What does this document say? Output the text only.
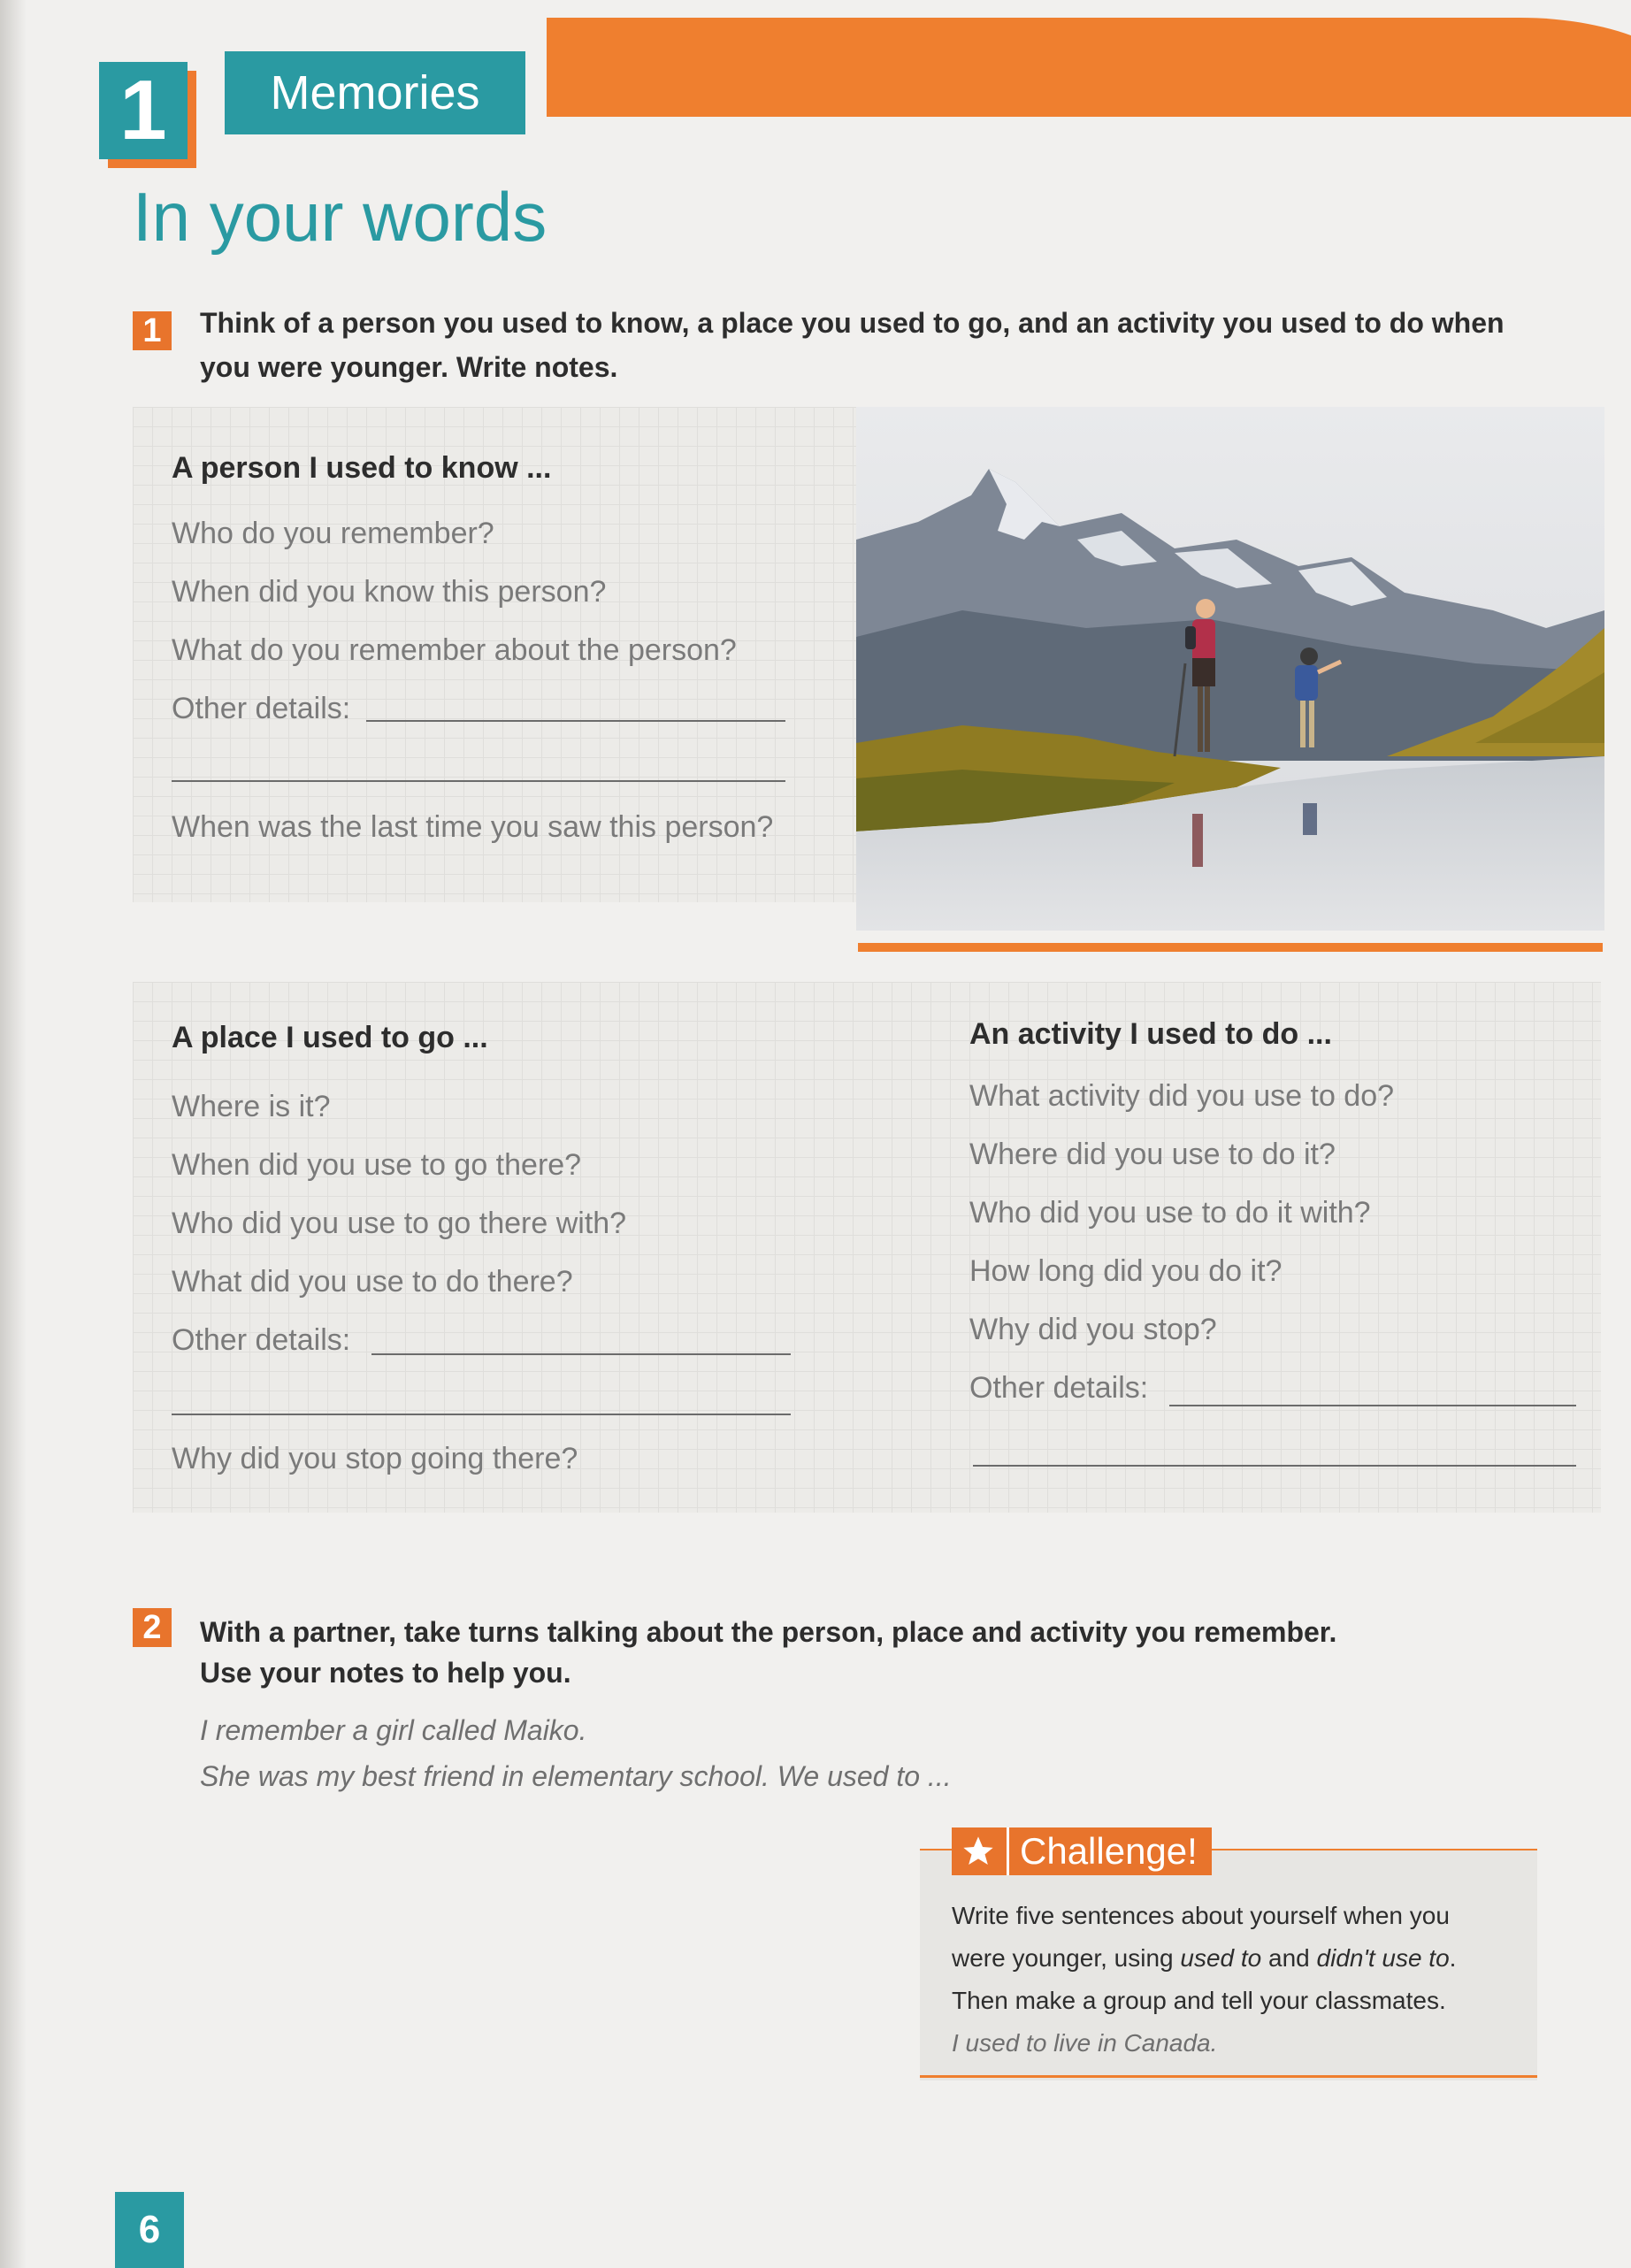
1	Memories
In your words
1	Think of a person you used to know, a place you used to go, and an activity you used to do when
you were younger. Write notes.
A person I used to know ...
Who do you remember?
When did you know this person?
What do you remember about the person?
Other details:
When was the last time you saw this person?
A place I used to go ...
Where is it?
When did you use to go there?
Who did you use to go there with?
What did you use to do there?
Other details:
Why did you stop going there?
An activity I used to do ...
What activity did you use to do?
Where did you use to do it?
Who did you use to do it with?
How long did you do it?
Why did you stop?
Other details:
2	With a partner, take turns talking about the person, place and activity you remember.
Use your notes to help you.
I remember a girl called Maiko.
She was my best friend in elementary school. We used to ...
Challenge!
Write five sentences about yourself when you
were younger, using used to and didn't use to.
Then make a group and tell your classmates.
I used to live in Canada.
6
